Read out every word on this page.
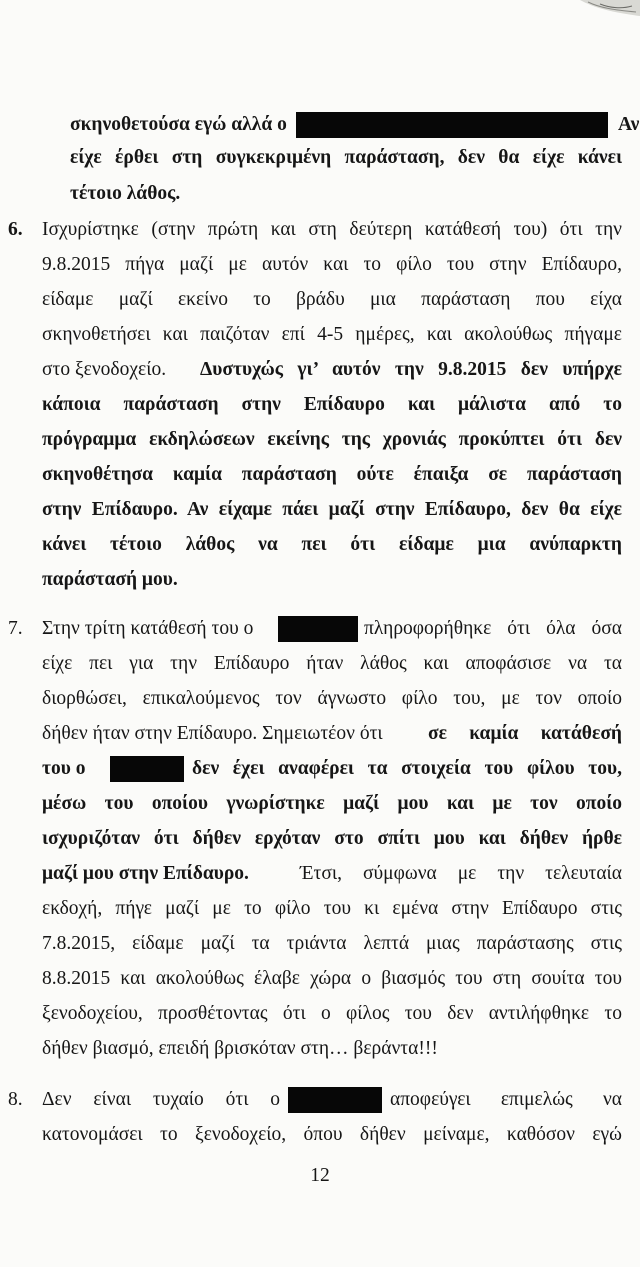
σκηνοθετούσα εγώ αλλά ο	Αν
είχε έρθει στη συγκεκριμένη παράσταση, δεν θα είχε κάνει
τέτοιο λάθος.
6. Ισχυρίστηκε (στην πρώτη και στη δεύτερη κατάθεσή του) ότι την
9.8.2015 πήγα μαζί με αυτόν και το φίλο του στην Επίδαυρο,
είδαμε μαζί εκείνο το βράδυ μια παράσταση που είχα
σκηνοθετήσει και παιζόταν επί 4-5 ημέρες, και ακολούθως πήγαμε
στο ξενοδοχείο. Δυστυχώς γι’ αυτόν την 9.8.2015 δεν υπήρχε
κάποια παράσταση στην Επίδαυρο και μάλιστα από το
πρόγραμμα εκδηλώσεων εκείνης της χρονιάς προκύπτει ότι δεν
σκηνοθέτησα καμία παράσταση ούτε έπαιξα σε παράσταση
στην Επίδαυρο. Αν είχαμε πάει μαζί στην Επίδαυρο, δεν θα είχε
κάνει τέτοιο λάθος να πει ότι είδαμε μια ανύπαρκτη
παράστασή μου.
7. Στην τρίτη κατάθεσή του ο	πληροφορήθηκε ότι όλα όσα
είχε πει για την Επίδαυρο ήταν λάθος και αποφάσισε να τα
διορθώσει, επικαλούμενος τον άγνωστο φίλο του, με τον οποίο
δήθεν ήταν στην Επίδαυρο. Σημειωτέον ότι σε καμία κατάθεσή
του ο	δεν έχει αναφέρει τα στοιχεία του φίλου του,
μέσω του οποίου γνωρίστηκε μαζί μου και με τον οποίο
ισχυριζόταν ότι δήθεν ερχόταν στο σπίτι μου και δήθεν ήρθε
μαζί μου στην Επίδαυρο.	Έτσι, σύμφωνα με την τελευταία
εκδοχή, πήγε μαζί με το φίλο του κι εμένα στην Επίδαυρο στις
7.8.2015, είδαμε μαζί τα τριάντα λεπτά μιας παράστασης στις
8.8.2015 και ακολούθως έλαβε χώρα ο βιασμός του στη σουίτα του
ξενοδοχείου, προσθέτοντας ότι ο φίλος του δεν αντιλήφθηκε το
δήθεν βιασμό, επειδή βρισκόταν στη… βεράντα!!!
8. Δεν είναι τυχαίο ότι ο	αποφεύγει επιμελώς να
κατονομάσει το ξενοδοχείο, όπου δήθεν μείναμε, καθόσον εγώ
12
